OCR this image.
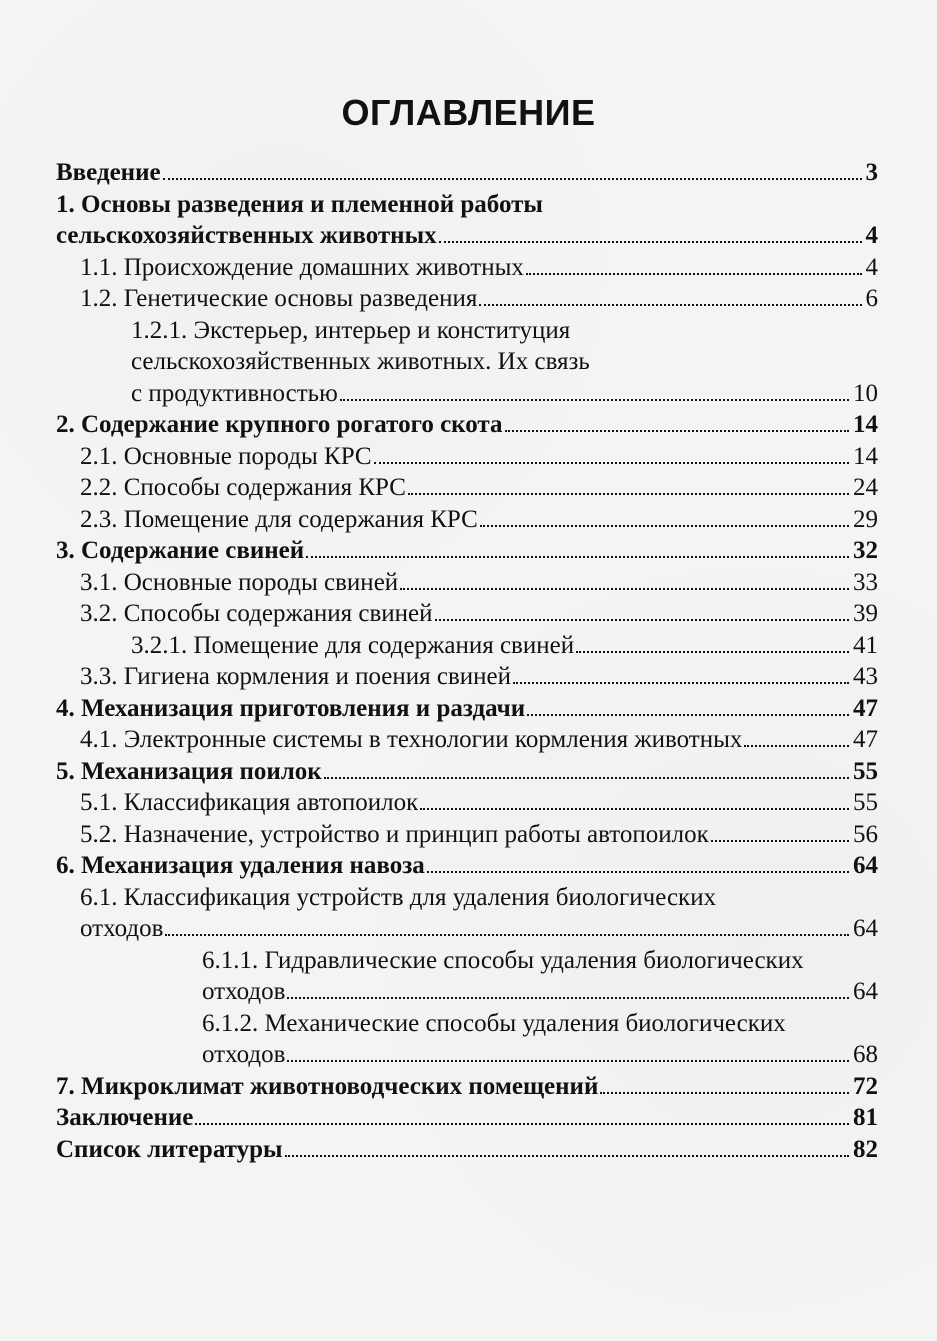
ОГЛАВЛЕНИЕ
Введение	3
1. Основы разведения и племенной работы
сельскохозяйственных животных	4
1.1. Происхождение домашних животных	4
1.2. Генетические основы разведения	6
1.2.1. Экстерьер, интерьер и конституция
сельскохозяйственных животных. Их связь
с продуктивностью	10
2. Содержание крупного рогатого скота	14
2.1. Основные породы КРС	14
2.2. Способы содержания КРС	24
2.3. Помещение для содержания КРС	29
3. Содержание свиней	32
3.1. Основные породы свиней	33
3.2. Способы содержания свиней	39
3.2.1. Помещение для содержания свиней	41
3.3. Гигиена кормления и поения свиней	43
4. Механизация приготовления и раздачи	47
4.1. Электронные системы в технологии кормления животных	47
5. Механизация поилок	55
5.1. Классификация автопоилок	55
5.2. Назначение, устройство и принцип работы автопоилок	56
6. Механизация удаления навоза	64
6.1. Классификация устройств для удаления биологических
отходов	64
6.1.1. Гидравлические способы удаления биологических
отходов	64
6.1.2. Механические способы удаления биологических
отходов	68
7. Микроклимат животноводческих помещений	72
Заключение	81
Список литературы	82
